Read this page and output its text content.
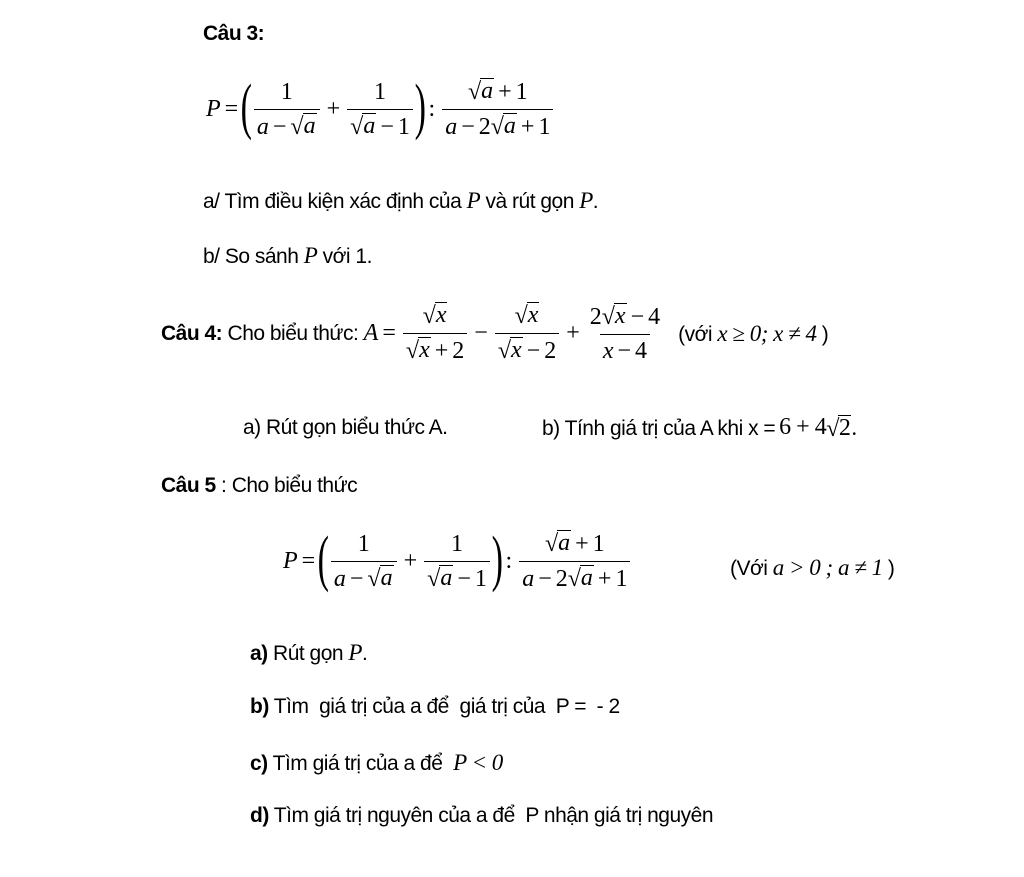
Câu 3:
P = ( $\frac{1}{a - √ a} + \frac{1}{√ a - 1}$ ) : $\frac{√ a + 1}{a - 2 √ a + 1}$
a/ Tìm điều kiện xác định của P và rút gọn P.
b/ So sánh P với 1.
Câu 4: Cho biểu thức: $A = \frac{√ x}{√ x + 2} - \frac{√ x}{√ x - 2} + \frac{2 √ x - 4}{x - 4}$ (với x ≥ 0; x ≠ 4 )
a) Rút gọn biểu thức A.	b) Tính giá trị của A khi x = 6 + 4 √ 2 .
Câu 5 : Cho biểu thức
P = ( $\frac{1}{a - √ a} + \frac{1}{√ a - 1}$ ) : $\frac{√ a + 1}{a - 2 √ a + 1}$	(Với a > 0 ; a ≠ 1 )
a) Rút gọn P.
b) Tìm  giá trị của a để  giá trị của  P =  - 2
c) Tìm giá trị của a để  P < 0
d) Tìm giá trị nguyên của a để  P nhận giá trị nguyên
